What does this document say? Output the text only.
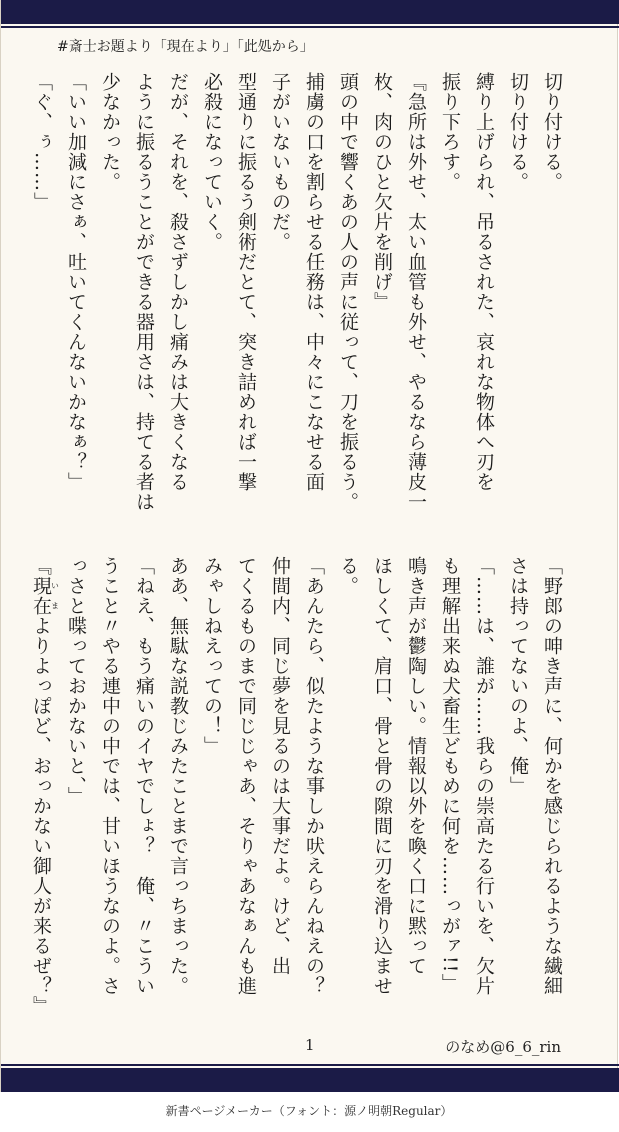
#斎士お題より「現在より」「此処から」

切り付ける。

切り付ける。

縛り上げられ、吊るされた、哀れな物体へ刃を

振り下ろす。

『急所は外せ、太い血管も外せ、やるなら薄皮一

枚、肉のひと欠片を削げ』

頭の中で響くあの人の声に従って、刀を振るう。

捕虜の口を割らせる任務は、中々にこなせる面

子がいないものだ。

型通りに振るう剣術だとて、突き詰めれば一撃

必殺になっていく。

だが、それを、殺さずしかし痛みは大きくなる

ように振るうことができる器用さは、持てる者は

少なかった。

「いい加減にさぁ、吐いてくんないかなぁ？」

「ぐ、ぅ……」

「野郎の呻き声に、何かを感じられるような繊細

さは持ってないのよ、俺」

「……は、誰が……我らの崇高たる行いを、欠片

も理解出来ぬ犬畜生どもめに何を……っがァ!!」

鳴き声が鬱陶しい。情報以外を喚く口に黙って

ほしくて、肩口、骨と骨の隙間に刃を滑り込ませ

る。

「あんたら、似たような事しか吠えらんねえの？

仲間内、同じ夢を見るのは大事だよ。けど、出

てくるものまで同じじゃあ、そりゃあなぁんも進

みゃしねえっての！」

ああ、無駄な説教じみたことまで言っちまった。

「ねえ、もう痛いのイヤでしょ？　俺、〃こうい

うこと〃やる連中の中では、甘いほうなのよ。さ

っさと喋っておかないと、」

『現在いまよりよっぽど、おっかない御人が来るぜ？』

1	のなめ@6_6_rin
新書ページメーカー（フォント：源ノ明朝Regular）
